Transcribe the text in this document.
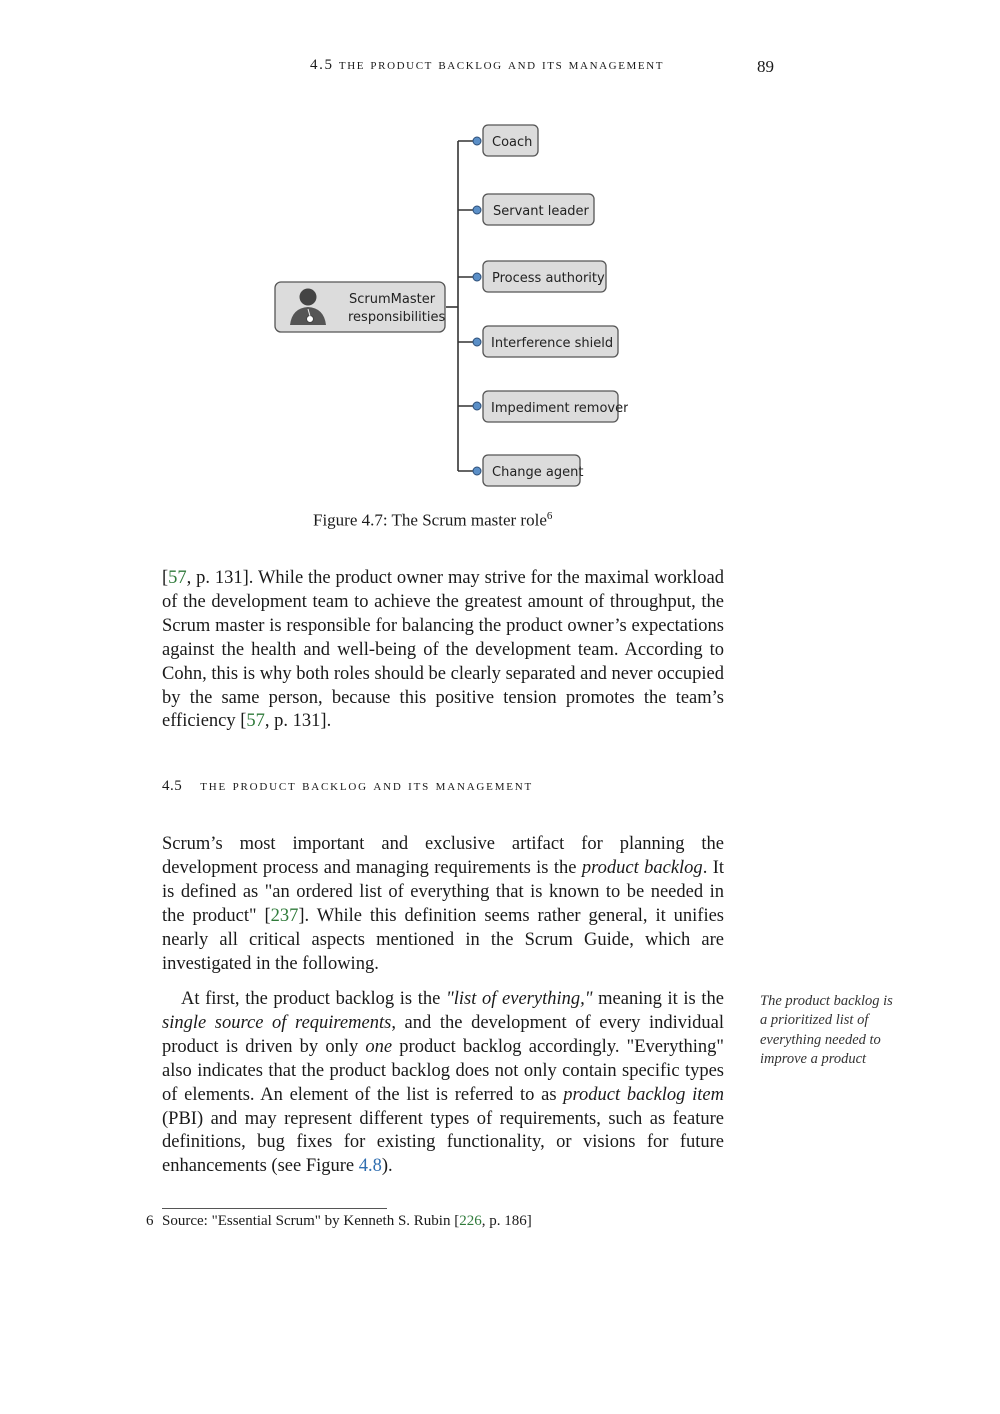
4.5 the product backlog and its management	89
ScrumMaster
responsibilities
Coach
Servant leader
Process authority
Interference shield
Impediment remover
Change agent
Figure 4.7: The Scrum master role$^6$

[57, p. 131]. While the product owner may strive for the maximal workload of the development team to achieve the greatest amount of throughput, the Scrum master is responsible for balancing the product owner’s expectations against the health and well-being of the development team. According to Cohn, this is why both roles should be clearly separated and never occupied by the same person, because this positive tension promotes the team’s efficiency [57, p. 131].

4.5 the product backlog and its management

Scrum’s most important and exclusive artifact for planning the development process and managing requirements is the product backlog. It is defined as "an ordered list of everything that is known to be needed in the product" [237]. While this definition seems rather general, it unifies nearly all critical aspects mentioned in the Scrum Guide, which are investigated in the following.

At first, the product backlog is the "list of everything," meaning it is the single source of requirements, and the development of every individual product is driven by only one product backlog accordingly. "Everything" also indicates that the product backlog does not only contain specific types of elements. An element of the list is referred to as product backlog item (PBI) and may represent different types of requirements, such as feature definitions, bug fixes for existing functionality, or visions for future enhancements (see Figure 4.8).

The product backlog is a prioritized list of everything needed to improve a product
6 Source: "Essential Scrum" by Kenneth S. Rubin [226, p. 186]
